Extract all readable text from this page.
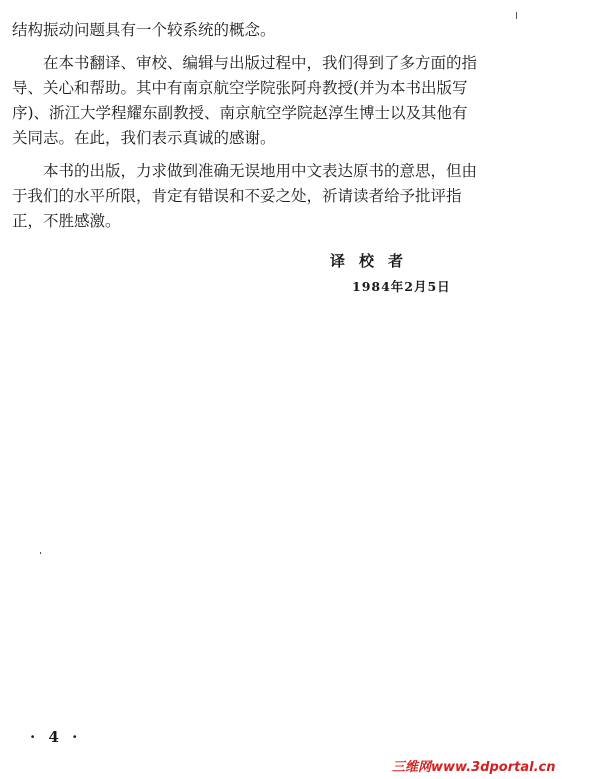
结构振动问题具有一个较系统的概念。

在本书翻译、审校、编辑与出版过程中，我们得到了多方面的指导、关心和帮助。其中有南京航空学院张阿舟教授(并为本书出版写序)、浙江大学程耀东副教授、南京航空学院赵淳生博士以及其他有关同志。在此，我们表示真诚的感谢。

本书的出版，力求做到准确无误地用中文表达原书的意思，但由于我们的水平所限，肯定有错误和不妥之处，祈请读者给予批评指正，不胜感激。

译校者
1984年2月5日
· 4 ·
三维网www.3dportal.cn
